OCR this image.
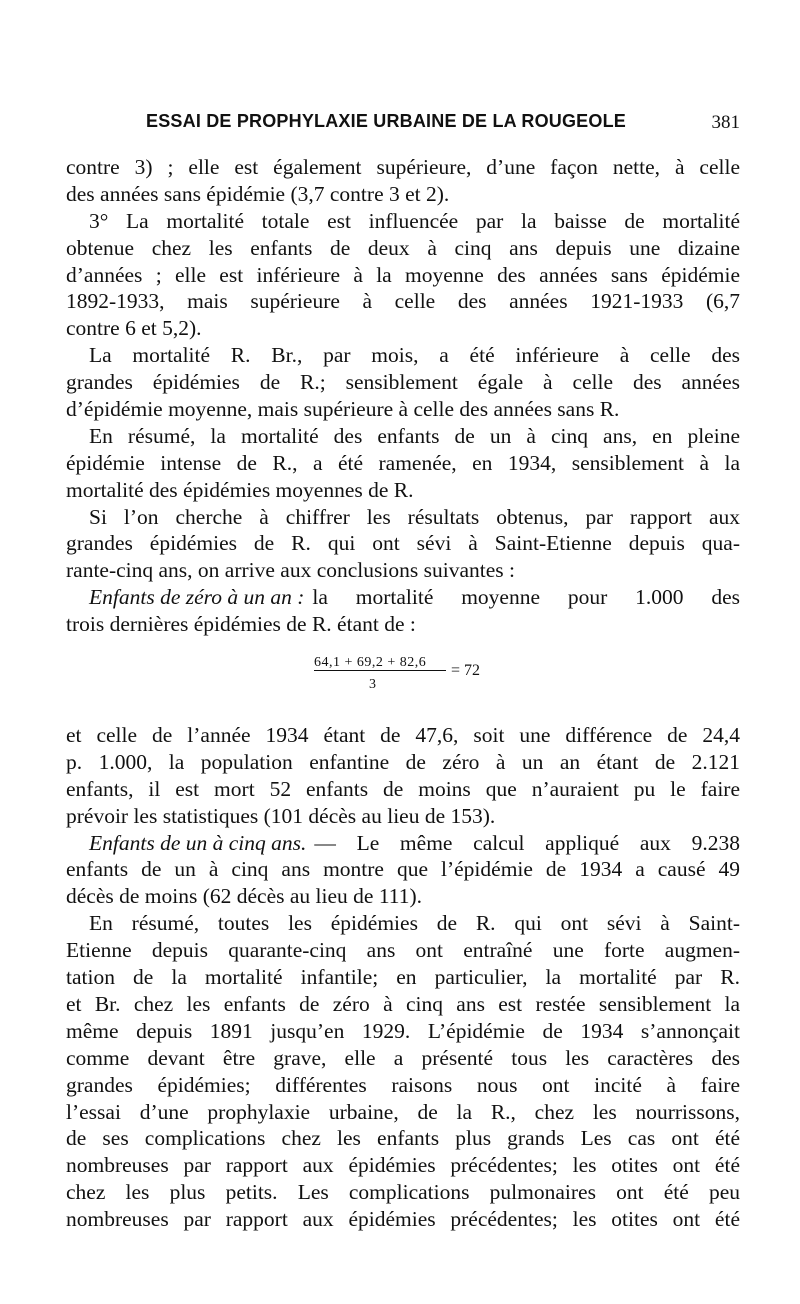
ESSAI DE PROPHYLAXIE URBAINE DE LA ROUGEOLE	381
contre 3) ; elle est également supérieure, d’une façon nette, à celle
des années sans épidémie (3,7 contre 3 et 2).
3° La mortalité totale est influencée par la baisse de mortalité
obtenue chez les enfants de deux à cinq ans depuis une dizaine
d’années ; elle est inférieure à la moyenne des années sans épidémie
1892-1933, mais supérieure à celle des années 1921-1933 (6,7
contre 6 et 5,2).
La mortalité R. Br., par mois, a été inférieure à celle des
grandes épidémies de R.; sensiblement égale à celle des années
d’épidémie moyenne, mais supérieure à celle des années sans R.
En résumé, la mortalité des enfants de un à cinq ans, en pleine
épidémie intense de R., a été ramenée, en 1934, sensiblement à la
mortalité des épidémies moyennes de R.
Si l’on cherche à chiffrer les résultats obtenus, par rapport aux
grandes épidémies de R. qui ont sévi à Saint-Etienne depuis qua-
rante-cinq ans, on arrive aux conclusions suivantes :
Enfants de zéro à un an : la mortalité moyenne pour 1.000 des
trois dernières épidémies de R. étant de :
64,1 + 69,2 + 82,6
3
= 72
et celle de l’année 1934 étant de 47,6, soit une différence de 24,4
p. 1.000, la population enfantine de zéro à un an étant de 2.121
enfants, il est mort 52 enfants de moins que n’auraient pu le faire
prévoir les statistiques (101 décès au lieu de 153).
Enfants de un à cinq ans. — Le même calcul appliqué aux 9.238
enfants de un à cinq ans montre que l’épidémie de 1934 a causé 49
décès de moins (62 décès au lieu de 111).
En résumé, toutes les épidémies de R. qui ont sévi à Saint-
Etienne depuis quarante-cinq ans ont entraîné une forte augmen-
tation de la mortalité infantile; en particulier, la mortalité par R.
et Br. chez les enfants de zéro à cinq ans est restée sensiblement la
même depuis 1891 jusqu’en 1929. L’épidémie de 1934 s’annonçait
comme devant être grave, elle a présenté tous les caractères des
grandes épidémies; différentes raisons nous ont incité à faire
l’essai d’une prophylaxie urbaine, de la R., chez les nourrissons,
de ses complications chez les enfants plus grands Les cas ont été
nombreuses par rapport aux épidémies précédentes; les otites ont été
chez les plus petits. Les complications pulmonaires ont été peu
nombreuses par rapport aux épidémies précédentes; les otites ont été
